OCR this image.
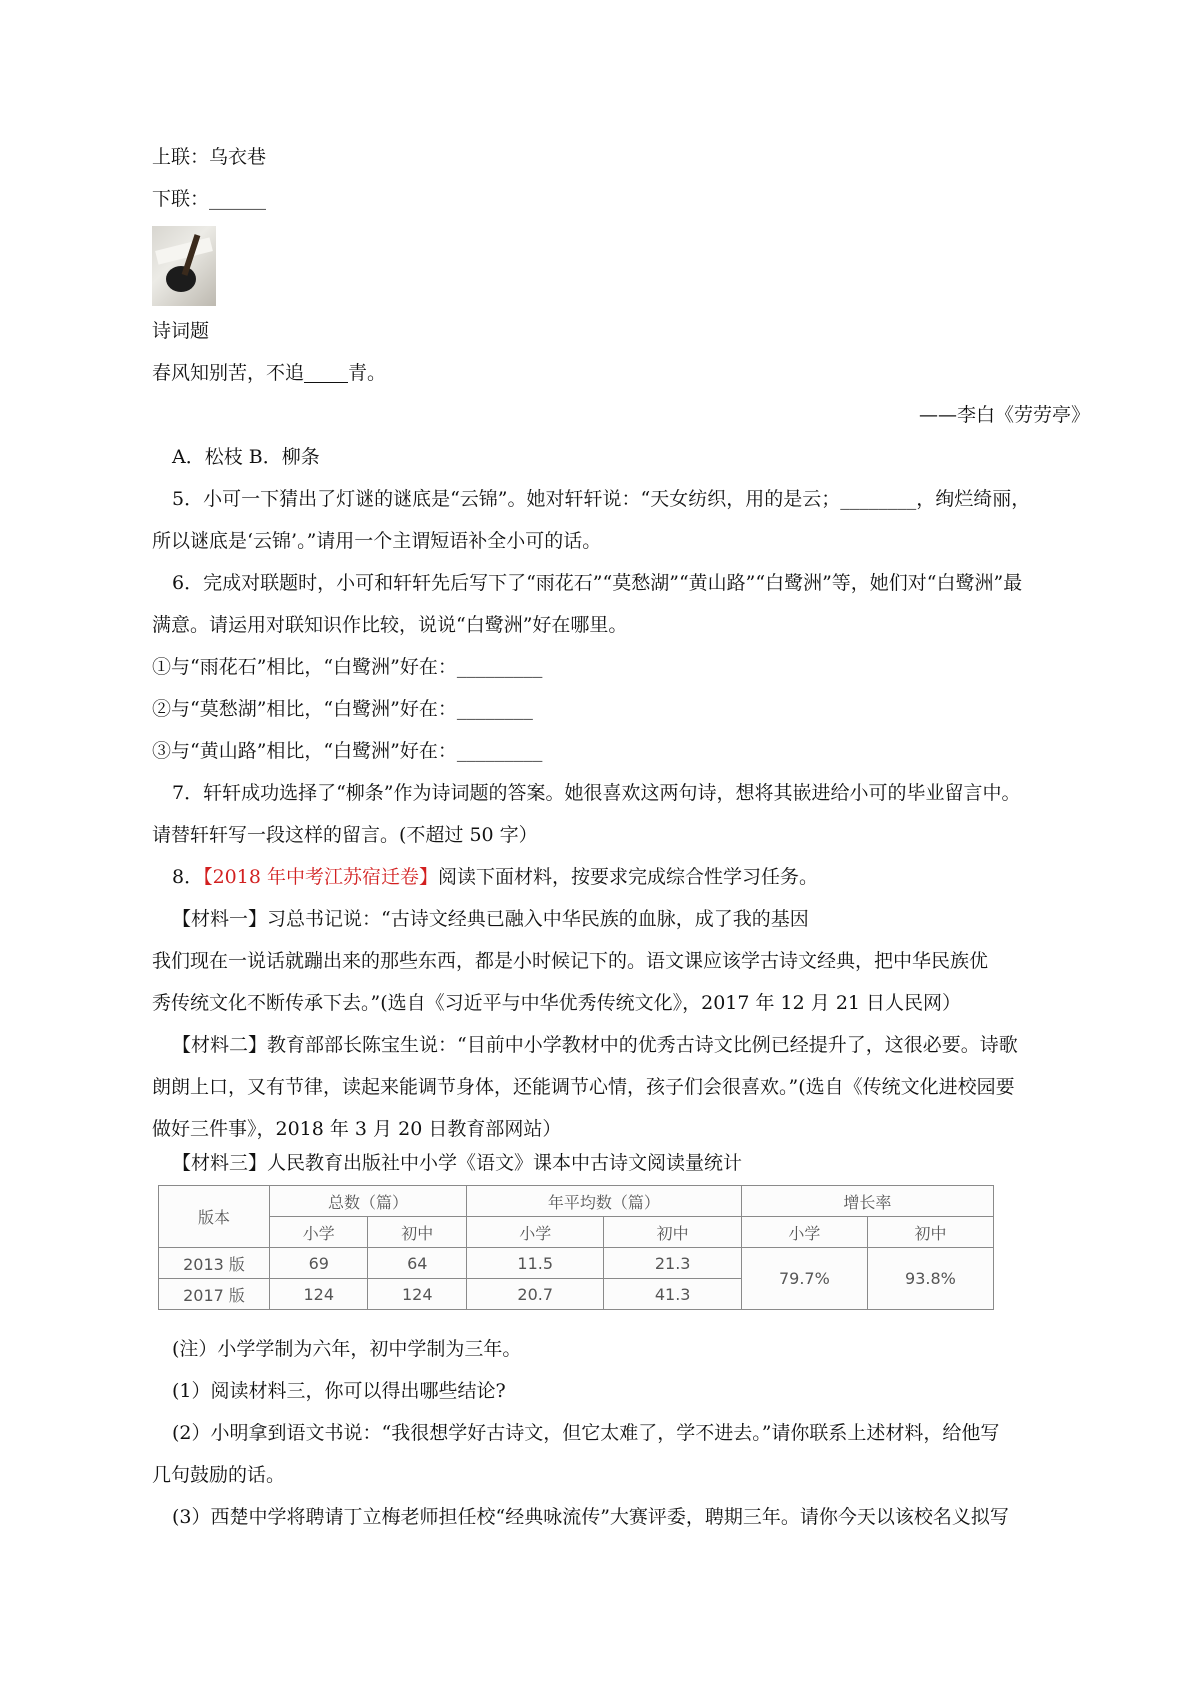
上联：乌衣巷
下联：______
诗词题
春风知别苦，不追 青。
——李白《劳劳亭》
A．松枝 B．柳条
5．小可一下猜出了灯谜的谜底是“云锦”。她对轩轩说：“天女纺织，用的是云；________，绚烂绮丽，
所以谜底是‘云锦’。”请用一个主谓短语补全小可的话。
6．完成对联题时，小可和轩轩先后写下了“雨花石”“莫愁湖”“黄山路”“白鹭洲”等，她们对“白鹭洲”最
满意。请运用对联知识作比较，说说“白鹭洲”好在哪里。
①与“雨花石”相比，“白鹭洲”好在：_________
②与“莫愁湖”相比，“白鹭洲”好在：________
③与“黄山路”相比，“白鹭洲”好在：_________
7．轩轩成功选择了“柳条”作为诗词题的答案。她很喜欢这两句诗，想将其嵌进给小可的毕业留言中。
请替轩轩写一段这样的留言。(不超过 50 字）
8．【2018 年中考江苏宿迁卷】阅读下面材料，按要求完成综合性学习任务。
【材料一】习总书记说：“古诗文经典已融入中华民族的血脉，成了我的基因
我们现在一说话就蹦出来的那些东西，都是小时候记下的。语文课应该学古诗文经典，把中华民族优
秀传统文化不断传承下去。”(选自《习近平与中华优秀传统文化》，2017 年 12 月 21 日人民网）
【材料二】教育部部长陈宝生说：“目前中小学教材中的优秀古诗文比例已经提升了，这很必要。诗歌
朗朗上口，又有节律，读起来能调节身体，还能调节心情，孩子们会很喜欢。”(选自《传统文化进校园要
做好三件事》，2018 年 3 月 20 日教育部网站）
【材料三】人民教育出版社中小学《语文》课本中古诗文阅读量统计
版本	总数（篇）		年平均数（篇）		增长率	
	小学	初中	小学	初中	小学	初中
2013 版	69	64	11.5	21.3	79.7%	93.8%
2017 版	124	124	20.7	41.3		
(注）小学学制为六年，初中学制为三年。
(1）阅读材料三，你可以得出哪些结论?
(2）小明拿到语文书说：“我很想学好古诗文，但它太难了，学不进去。”请你联系上述材料，给他写
几句鼓励的话。
(3）西楚中学将聘请丁立梅老师担任校“经典咏流传”大赛评委，聘期三年。请你今天以该校名义拟写
